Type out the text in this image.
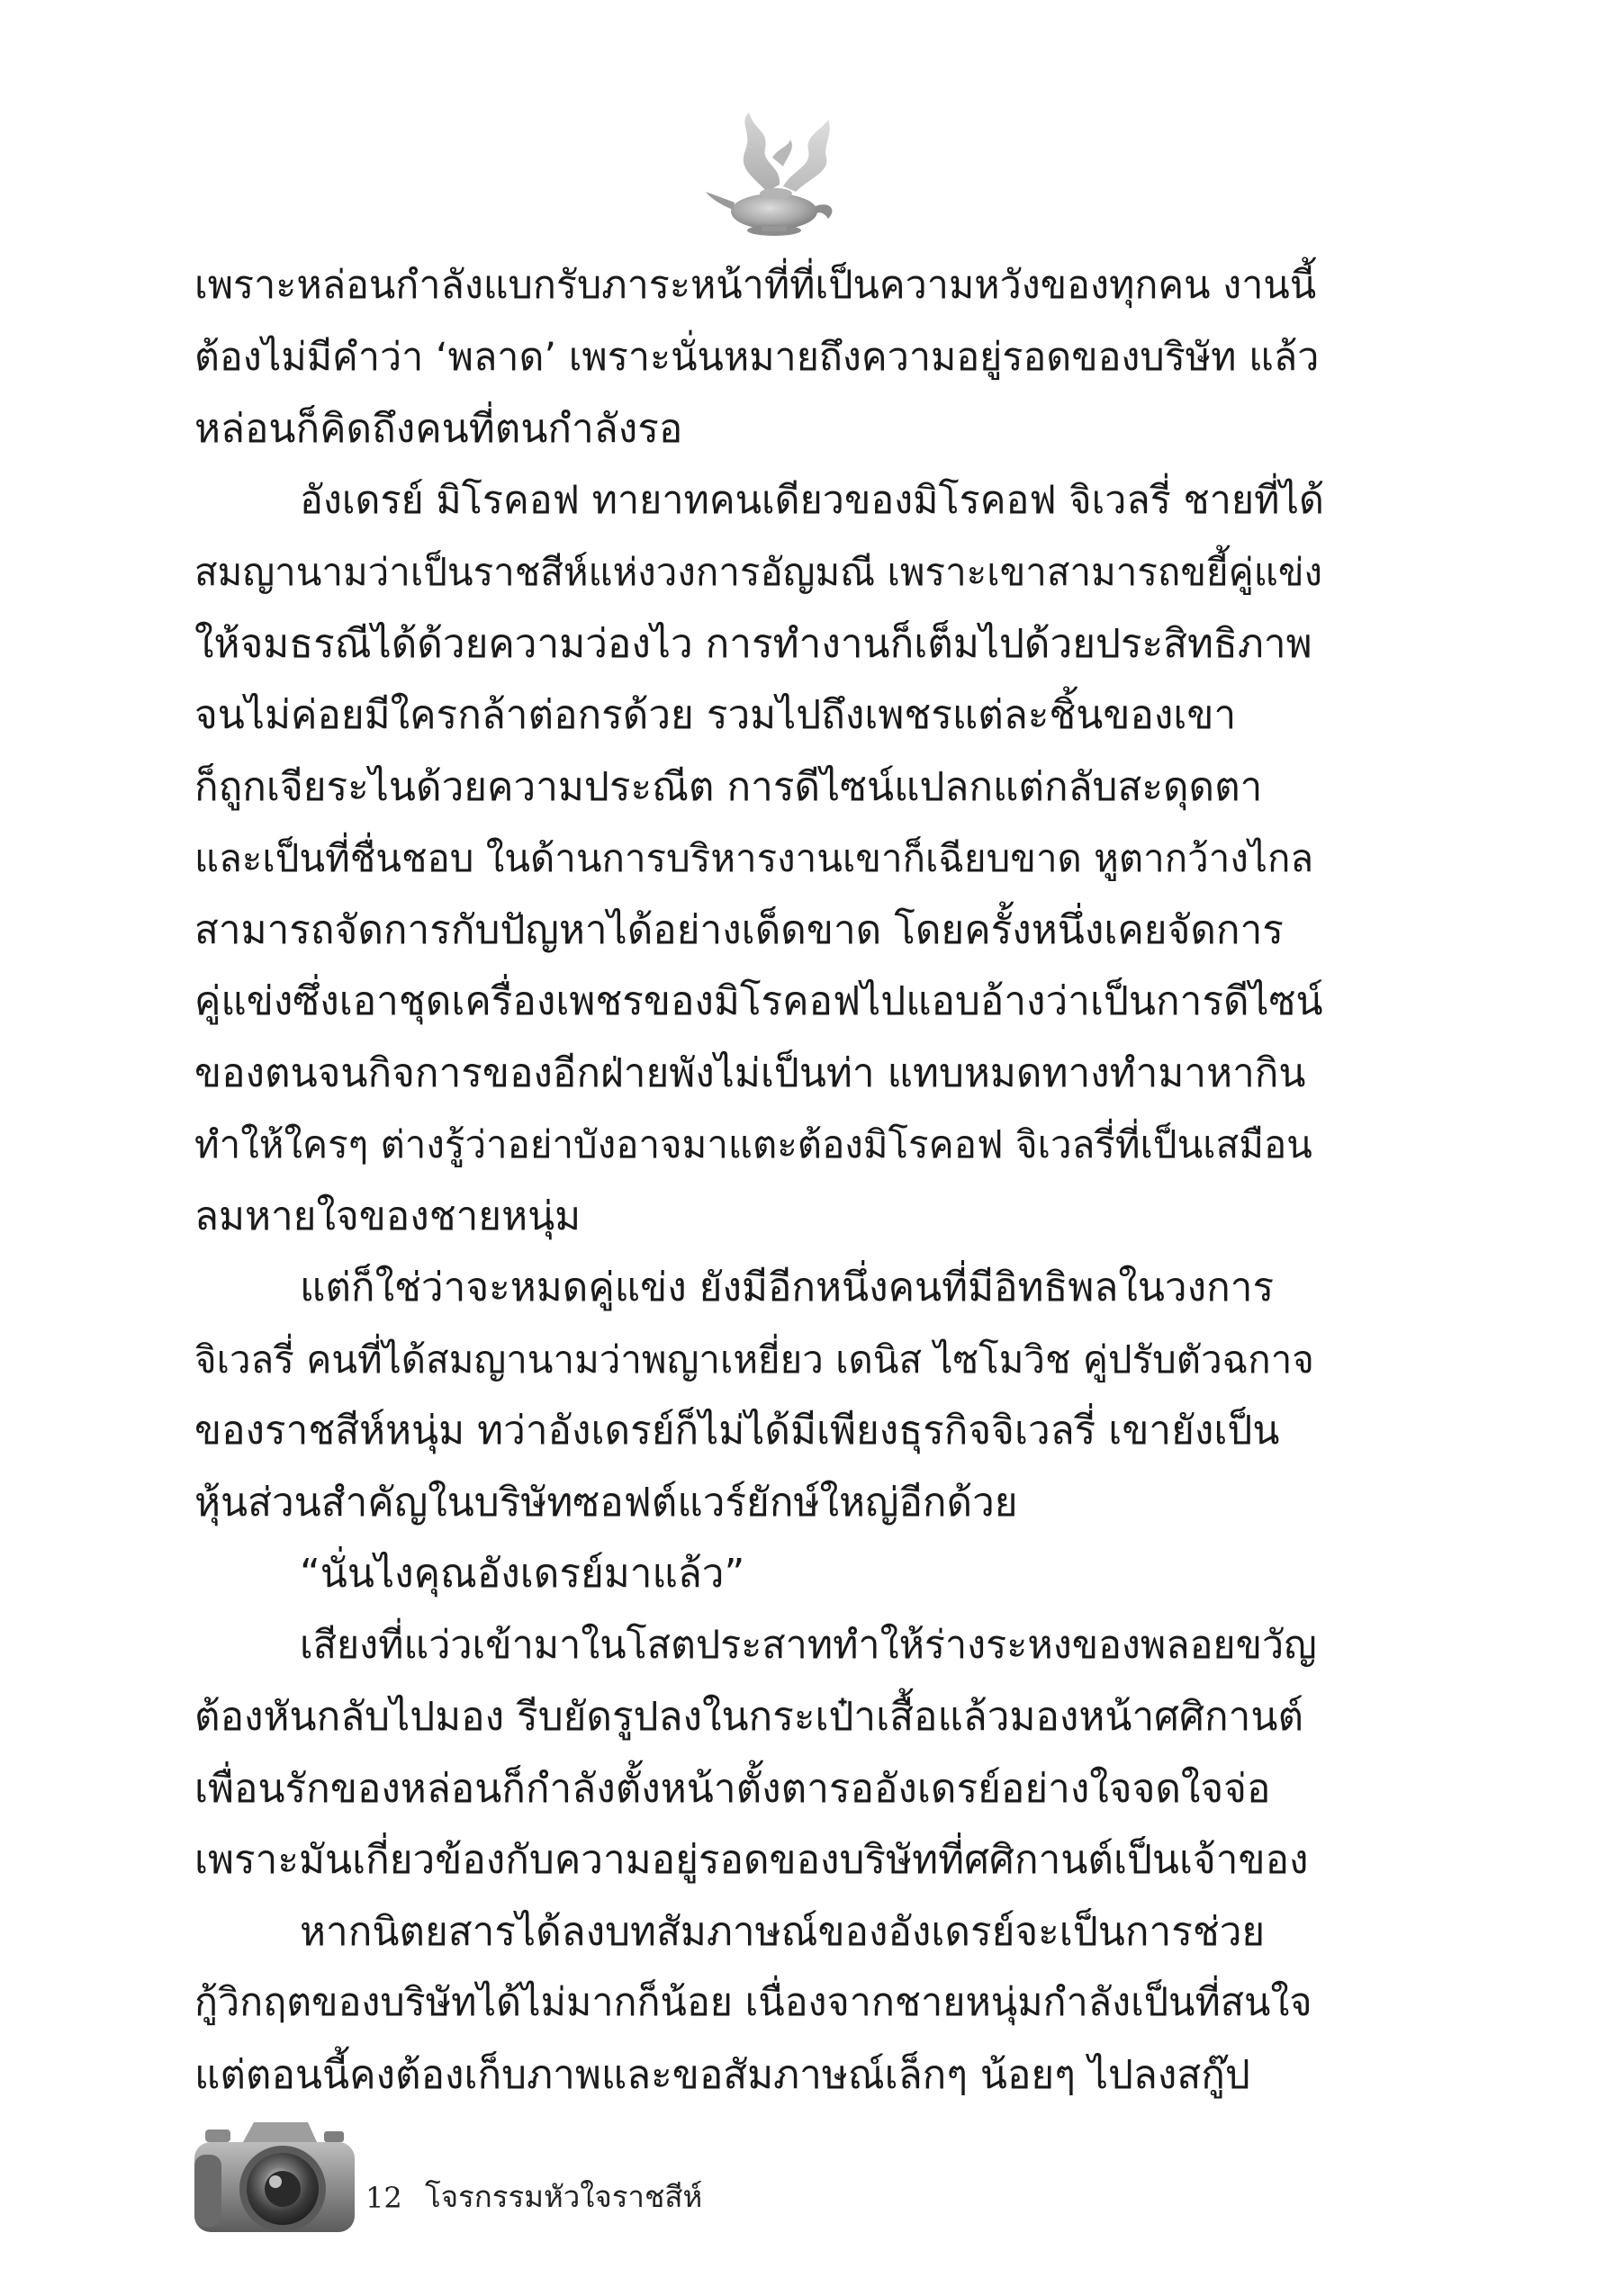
เพราะหล่อนกำลังแบกรับภาระหน้าที่ที่เป็นความหวังของทุกคน งานนี้
ต้องไม่มีคำว่า ‘พลาด’ เพราะนั่นหมายถึงความอยู่รอดของบริษัท แล้ว
หล่อนก็คิดถึงคนที่ตนกำลังรอ
อังเดรย์ มิโรคอฟ ทายาทคนเดียวของมิโรคอฟ จิเวลรี่ ชายที่ได้
สมญานามว่าเป็นราชสีห์แห่งวงการอัญมณี เพราะเขาสามารถขยี้คู่แข่ง
ให้จมธรณีได้ด้วยความว่องไว การทำงานก็เต็มไปด้วยประสิทธิภาพ
จนไม่ค่อยมีใครกล้าต่อกรด้วย รวมไปถึงเพชรแต่ละชิ้นของเขา
ก็ถูกเจียระไนด้วยความประณีต การดีไซน์แปลกแต่กลับสะดุดตา
และเป็นที่ชื่นชอบ ในด้านการบริหารงานเขาก็เฉียบขาด หูตากว้างไกล
สามารถจัดการกับปัญหาได้อย่างเด็ดขาด โดยครั้งหนึ่งเคยจัดการ
คู่แข่งซึ่งเอาชุดเครื่องเพชรของมิโรคอฟไปแอบอ้างว่าเป็นการดีไซน์
ของตนจนกิจการของอีกฝ่ายพังไม่เป็นท่า แทบหมดทางทำมาหากิน
ทำให้ใครๆ ต่างรู้ว่าอย่าบังอาจมาแตะต้องมิโรคอฟ จิเวลรี่ที่เป็นเสมือน
ลมหายใจของชายหนุ่ม
แต่ก็ใช่ว่าจะหมดคู่แข่ง ยังมีอีกหนึ่งคนที่มีอิทธิพลในวงการ
จิเวลรี่ คนที่ได้สมญานามว่าพญาเหยี่ยว เดนิส ไซโมวิช คู่ปรับตัวฉกาจ
ของราชสีห์หนุ่ม ทว่าอังเดรย์ก็ไม่ได้มีเพียงธุรกิจจิเวลรี่ เขายังเป็น
หุ้นส่วนสำคัญในบริษัทซอฟต์แวร์ยักษ์ใหญ่อีกด้วย
“นั่นไงคุณอังเดรย์มาแล้ว”
เสียงที่แว่วเข้ามาในโสตประสาททำให้ร่างระหงของพลอยขวัญ
ต้องหันกลับไปมอง รีบยัดรูปลงในกระเป๋าเสื้อแล้วมองหน้าศศิกานต์
เพื่อนรักของหล่อนก็กำลังตั้งหน้าตั้งตารออังเดรย์อย่างใจจดใจจ่อ
เพราะมันเกี่ยวข้องกับความอยู่รอดของบริษัทที่ศศิกานต์เป็นเจ้าของ
หากนิตยสารได้ลงบทสัมภาษณ์ของอังเดรย์จะเป็นการช่วย
กู้วิกฤตของบริษัทได้ไม่มากก็น้อย เนื่องจากชายหนุ่มกำลังเป็นที่สนใจ
แต่ตอนนี้คงต้องเก็บภาพและขอสัมภาษณ์เล็กๆ น้อยๆ ไปลงสกู๊ป
12 โจรกรรมหัวใจราชสีห์
